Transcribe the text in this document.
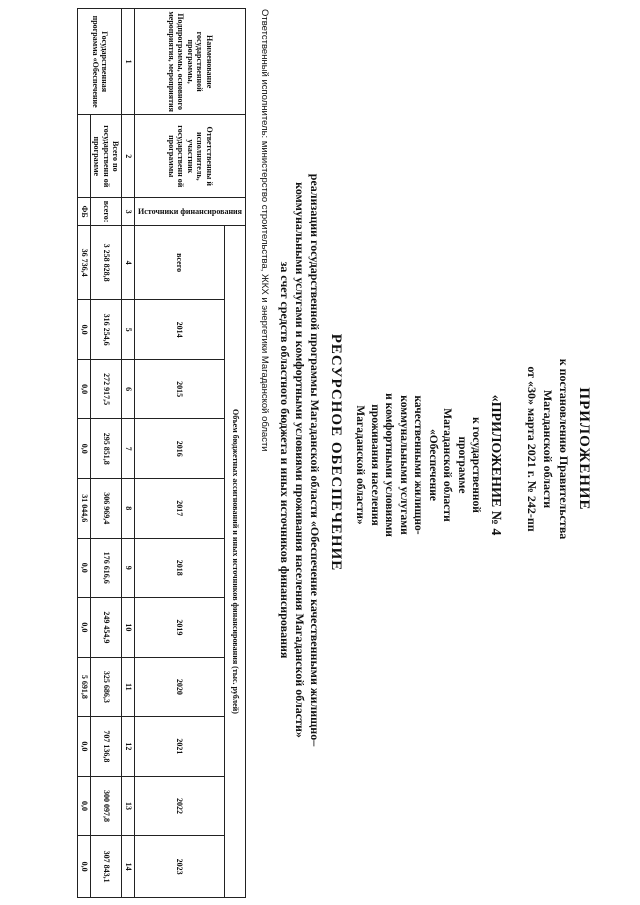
ПРИЛОЖЕНИЕ
к постановлению Правительства
Магаданской области
от «30» марта 2021 г. № 242-пп
«ПРИЛОЖЕНИЕ № 4
к государственной программе
Магаданской области «Обеспечение
качественными жилищно-
коммунальными услугами
и комфортными условиями
проживания населения
Магаданской области»
РЕСУРСНОЕ ОБЕСПЕЧЕНИЕ
реализации государственной программы Магаданской области «Обеспечение качественными жилищно–
коммунальными услугами и комфортными условиями проживания населения Магаданской области»
за счет средств областного бюджета и иных источников финансирования
Ответственный исполнитель: министерство строительства, ЖКХ и энергетики Магаданской области
Наименование государственной программы, Подпрограммы, основного мероприятия, мероприятия	Ответственны й исполнитель, участник государственн ой программы	Источники финансирования	Объем бюджетных ассигнований и иных источников финансирования (тыс. рублей)										
			всего	2014	2015	2016	2017	2018	2019	2020	2021	2022	2023
1	2	3	4	5	6	7	8	9	10	11	12	13	14
Государственная программа «Обеспечение	Всего по государственн ой программе	всего:	3 258 828,8	316 254,6	272 917,5	295 851,8	306 969,4	176 616,6	249 454,9	325 686,3	707 136,8	300 097,8	307 843,1
		ФБ	36 736,4	0,0	0,0	0,0	31 044,6	0,0	0,0	5 691,8	0,0	0,0	0,0
